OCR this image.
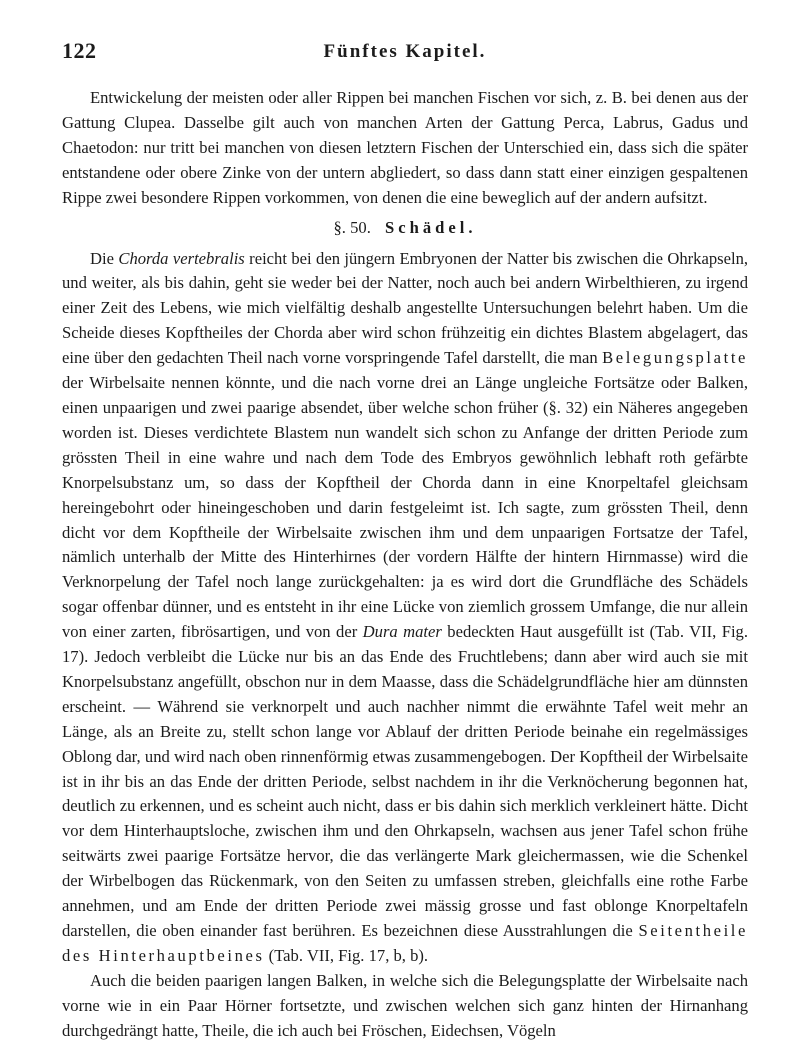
122	Fünftes Kapitel.

Entwickelung der meisten oder aller Rippen bei manchen Fischen vor sich, z. B. bei denen aus der Gattung Clupea. Dasselbe gilt auch von manchen Arten der Gattung Perca, Labrus, Gadus und Chaetodon: nur tritt bei manchen von diesen letztern Fischen der Unterschied ein, dass sich die später entstandene oder obere Zinke von der untern abgliedert, so dass dann statt einer einzigen gespaltenen Rippe zwei besondere Rippen vorkommen, von denen die eine beweglich auf der andern aufsitzt.

§. 50. Schädel.

Die Chorda vertebralis reicht bei den jüngern Embryonen der Natter bis zwischen die Ohrkapseln, und weiter, als bis dahin, geht sie weder bei der Natter, noch auch bei andern Wirbelthieren, zu irgend einer Zeit des Lebens, wie mich vielfältig deshalb angestellte Untersuchungen belehrt haben. Um die Scheide dieses Kopftheiles der Chorda aber wird schon frühzeitig ein dichtes Blastem abgelagert, das eine über den gedachten Theil nach vorne vorspringende Tafel darstellt, die man Belegungsplatte der Wirbelsaite nennen könnte, und die nach vorne drei an Länge ungleiche Fortsätze oder Balken, einen unpaarigen und zwei paarige absendet, über welche schon früher (§. 32) ein Näheres angegeben worden ist. Dieses verdichtete Blastem nun wandelt sich schon zu Anfange der dritten Periode zum grössten Theil in eine wahre und nach dem Tode des Embryos gewöhnlich lebhaft roth gefärbte Knorpelsubstanz um, so dass der Kopftheil der Chorda dann in eine Knorpeltafel gleichsam hereingebohrt oder hineingeschoben und darin festgeleimt ist. Ich sagte, zum grössten Theil, denn dicht vor dem Kopftheile der Wirbelsaite zwischen ihm und dem unpaarigen Fortsatze der Tafel, nämlich unterhalb der Mitte des Hinterhirnes (der vordern Hälfte der hintern Hirnmasse) wird die Verknorpelung der Tafel noch lange zurückgehalten: ja es wird dort die Grundfläche des Schädels sogar offenbar dünner, und es entsteht in ihr eine Lücke von ziemlich grossem Umfange, die nur allein von einer zarten, fibrösartigen, und von der Dura mater bedeckten Haut ausgefüllt ist (Tab. VII, Fig. 17). Jedoch verbleibt die Lücke nur bis an das Ende des Fruchtlebens; dann aber wird auch sie mit Knorpelsubstanz angefüllt, obschon nur in dem Maasse, dass die Schädelgrundfläche hier am dünnsten erscheint. — Während sie verknorpelt und auch nachher nimmt die erwähnte Tafel weit mehr an Länge, als an Breite zu, stellt schon lange vor Ablauf der dritten Periode beinahe ein regelmässiges Oblong dar, und wird nach oben rinnenförmig etwas zusammengebogen. Der Kopftheil der Wirbelsaite ist in ihr bis an das Ende der dritten Periode, selbst nachdem in ihr die Verknöcherung begonnen hat, deutlich zu erkennen, und es scheint auch nicht, dass er bis dahin sich merklich verkleinert hätte. Dicht vor dem Hinterhauptsloche, zwischen ihm und den Ohrkapseln, wachsen aus jener Tafel schon frühe seitwärts zwei paarige Fortsätze hervor, die das verlängerte Mark gleichermassen, wie die Schenkel der Wirbelbogen das Rückenmark, von den Seiten zu umfassen streben, gleichfalls eine rothe Farbe annehmen, und am Ende der dritten Periode zwei mässig grosse und fast oblonge Knorpeltafeln darstellen, die oben einander fast berühren. Es bezeichnen diese Ausstrahlungen die Seitentheile des Hinterhauptbeines (Tab. VII, Fig. 17, b, b).

Auch die beiden paarigen langen Balken, in welche sich die Belegungsplatte der Wirbelsaite nach vorne wie in ein Paar Hörner fortsetzte, und zwischen welchen sich ganz hinten der Hirnanhang durchgedrängt hatte, Theile, die ich auch bei Fröschen, Eidechsen, Vögeln
